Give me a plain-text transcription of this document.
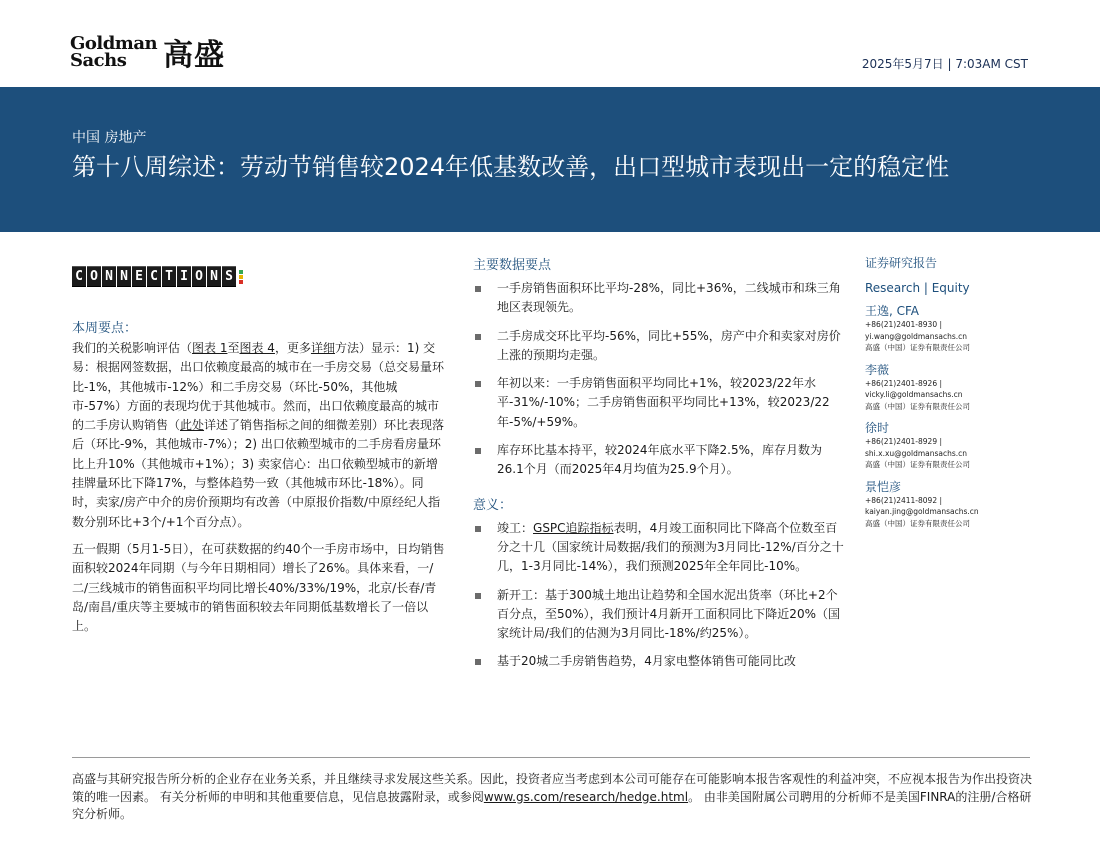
Goldman
Sachs	高盛	2025年5月7日 | 7:03AM CST
中国 房地产
第十八周综述：劳动节销售较2024年低基数改善，出口型城市表现出一定的稳定性
C O N N E C T I O N S
本周要点：

我们的关税影响评估（图表 1至图表 4，更多详细方法）显示：1) 交易：根据网签数据，出口依赖度最高的城市在一手房交易（总交易量环比-1%，其他城市-12%）和二手房交易（环比-50%，其他城市-57%）方面的表现均优于其他城市。然而，出口依赖度最高的城市的二手房认购销售（此处详述了销售指标之间的细微差别）环比表现落后（环比-9%，其他城市-7%）；2) 出口依赖型城市的二手房看房量环比上升10%（其他城市+1%）；3) 卖家信心：出口依赖型城市的新增挂牌量环比下降17%，与整体趋势一致（其他城市环比-18%）。同时，卖家/房产中介的房价预期均有改善（中原报价指数/中原经纪人指数分别环比+3个/+1个百分点）。

五一假期（5月1-5日），在可获数据的约40个一手房市场中，日均销售面积较2024年同期（与今年日期相同）增长了26%。具体来看，一/二/三线城市的销售面积平均同比增长40%/33%/19%，北京/长春/青岛/南昌/重庆等主要城市的销售面积较去年同期低基数增长了一倍以上。

主要数据要点
一手房销售面积环比平均-28%，同比+36%，二线城市和珠三角地区表现领先。
二手房成交环比平均-56%，同比+55%，房产中介和卖家对房价上涨的预期均走强。
年初以来：一手房销售面积平均同比+1%，较2023/22年水平-31%/-10%；二手房销售面积平均同比+13%，较2023/22年-5%/+59%。
库存环比基本持平，较2024年底水平下降2.5%，库存月数为26.1个月（而2025年4月均值为25.9个月）。
意义：
竣工：GSPC追踪指标表明，4月竣工面积同比下降高个位数至百分之十几（国家统计局数据/我们的预测为3月同比-12%/百分之十几，1-3月同比-14%），我们预测2025年全年同比-10%。
新开工：基于300城土地出让趋势和全国水泥出货率（环比+2个百分点，至50%），我们预计4月新开工面积同比下降近20%（国家统计局/我们的估测为3月同比-18%/约25%）。
基于20城二手房销售趋势，4月家电整体销售可能同比改
证券研究报告
Research | Equity
王逸, CFA
+86(21)2401-8930 |
yi.wang@goldmansachs.cn
高盛（中国）证券有限责任公司
李薇
+86(21)2401-8926 |
vicky.li@goldmansachs.cn
高盛（中国）证券有限责任公司
徐时
+86(21)2401-8929 |
shi.x.xu@goldmansachs.cn
高盛（中国）证券有限责任公司
景恺彦
+86(21)2411-8092 |
kaiyan.jing@goldmansachs.cn
高盛（中国）证券有限责任公司
高盛与其研究报告所分析的企业存在业务关系，并且继续寻求发展这些关系。因此，投资者应当考虑到本公司可能存在可能影响本报告客观性的利益冲突，不应视本报告为作出投资决策的唯一因素。 有关分析师的申明和其他重要信息，见信息披露附录，或参阅www.gs.com/research/hedge.html。 由非美国附属公司聘用的分析师不是美国FINRA的注册/合格研究分析师。
